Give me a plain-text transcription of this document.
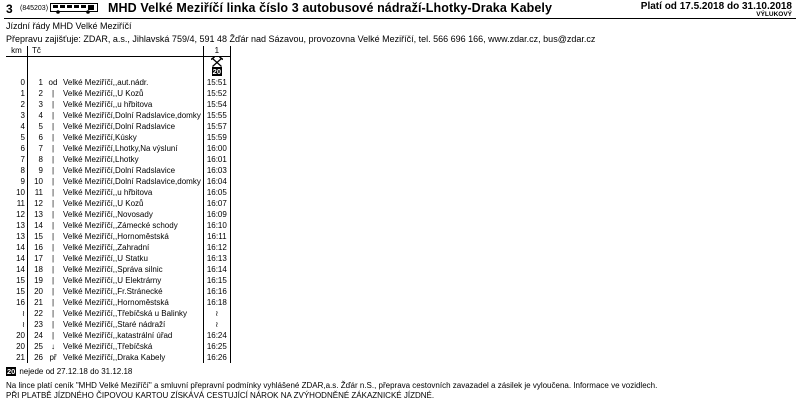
3 (845203)	MHD Velké Meziříčí linka číslo 3 autobusové nádraží-Lhotky-Draka Kabely	Platí od 17.5.2018 do 31.10.2018
VÝLUKOVÝ
Jízdní řády MHD Velké Meziříčí
Přepravu zajišťuje: ZDAR, a.s., Jihlavská 759/4, 591 48 Žďár nad Sázavou, provozovna Velké Meziříčí, tel. 566 696 166, www.zdar.cz, bus@zdar.cz
km	Tč			1

20
0	1	od	Velké Meziříčí,,aut.nádr.	15:51
1	2	|	Velké Meziříčí,,U Kozů	15:52
2	3	|	Velké Meziříčí,,u hřbitova	15:54
3	4	|	Velké Meziříčí,Dolní Radslavice,domky	15:55
4	5	|	Velké Meziříčí,Dolní Radslavice	15:57
5	6	|	Velké Meziříčí,Kúsky	15:59
6	7	|	Velké Meziříčí,Lhotky,Na výsluní	16:00
7	8	|	Velké Meziříčí,Lhotky	16:01
8	9	|	Velké Meziříčí,Dolní Radslavice	16:03
9	10	|	Velké Meziříčí,Dolní Radslavice,domky	16:04
10	11	|	Velké Meziříčí,,u hřbitova	16:05
11	12	|	Velké Meziříčí,,U Kozů	16:07
12	13	|	Velké Meziříčí,,Novosady	16:09
13	14	|	Velké Meziříčí,,Zámecké schody	16:10
13	15	|	Velké Meziříčí,,Hornoměstská	16:11
14	16	|	Velké Meziříčí,,Zahradní	16:12
14	17	|	Velké Meziříčí,,U Statku	16:13
14	18	|	Velké Meziříčí,,Správa silnic	16:14
15	19	|	Velké Meziříčí,,U Elektrárny	16:15
15	20	|	Velké Meziříčí,,Fr.Stránecké	16:16
16	21	|	Velké Meziříčí,,Hornoměstská	16:18
≀	22	|	Velké Meziříčí,,Třebíčská u Balinky	≀
≀	23	|	Velké Meziříčí,,Staré nádraží	≀
20	24	|	Velké Meziříčí,,katastrální úřad	16:24
20	25	↓	Velké Meziříčí,,Třebíčská	16:25
21	26	př	Velké Meziříčí,,Draka Kabely	16:26
20 nejede od 27.12.18 do 31.12.18
Na lince platí ceník "MHD Velké Meziříčí" a smluvní přepravní podmínky vyhlášené ZDAR,a.s. Žďár n.S., přeprava cestovních zavazadel a zásilek je vyloučena. Informace ve vozidlech.
PŘI PLATBĚ JÍZDNÉHO ČIPOVOU KARTOU ZÍSKÁVÁ CESTUJÍCÍ NÁROK NA ZVÝHODNĚNÉ ZÁKAZNICKÉ JÍZDNÉ.
